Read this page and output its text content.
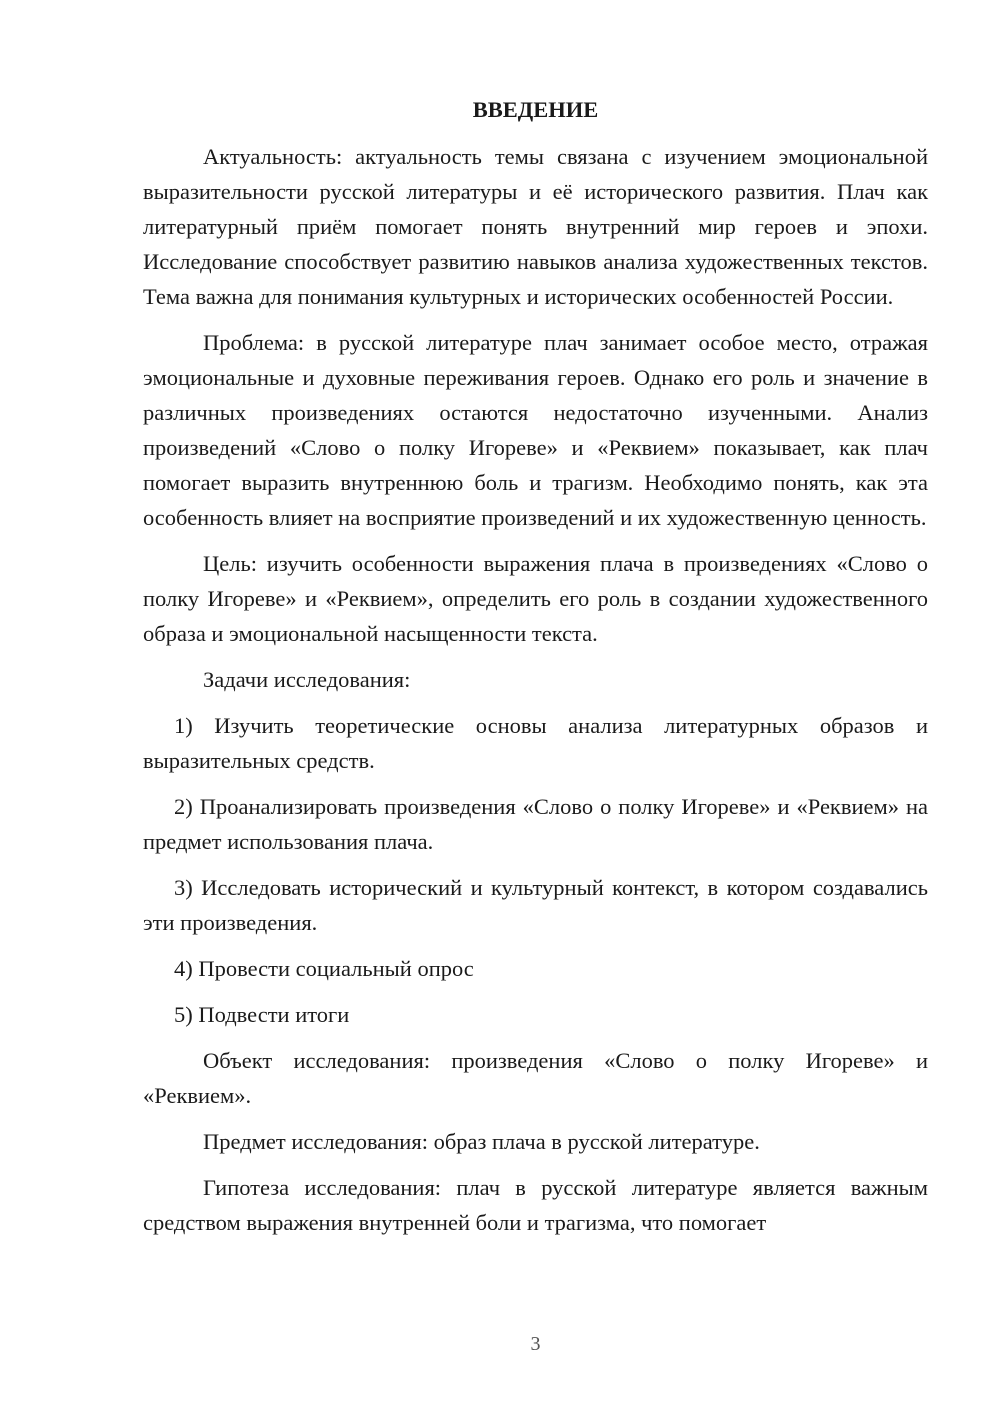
ВВЕДЕНИЕ

Актуальность: актуальность темы связана с изучением эмоциональной выразительности русской литературы и её исторического развития. Плач как литературный приём помогает понять внутренний мир героев и эпохи. Исследование способствует развитию навыков анализа художественных текстов. Тема важна для понимания культурных и исторических особенностей России.

Проблема: в русской литературе плач занимает особое место, отражая эмоциональные и духовные переживания героев. Однако его роль и значение в различных произведениях остаются недостаточно изученными. Анализ произведений «Слово о полку Игореве» и «Реквием» показывает, как плач помогает выразить внутреннюю боль и трагизм. Необходимо понять, как эта особенность влияет на восприятие произведений и их художественную ценность.

Цель: изучить особенности выражения плача в произведениях «Слово о полку Игореве» и «Реквием», определить его роль в создании художественного образа и эмоциональной насыщенности текста.

Задачи исследования:

1) Изучить теоретические основы анализа литературных образов и выразительных средств.

2) Проанализировать произведения «Слово о полку Игореве» и «Реквием» на предмет использования плача.

3) Исследовать исторический и культурный контекст, в котором создавались эти произведения.

4) Провести социальный опрос

5) Подвести итоги

Объект исследования: произведения «Слово о полку Игореве» и «Реквием».

Предмет исследования: образ плача в русской литературе.

Гипотеза исследования: плач в русской литературе является важным средством выражения внутренней боли и трагизма, что помогает

3
